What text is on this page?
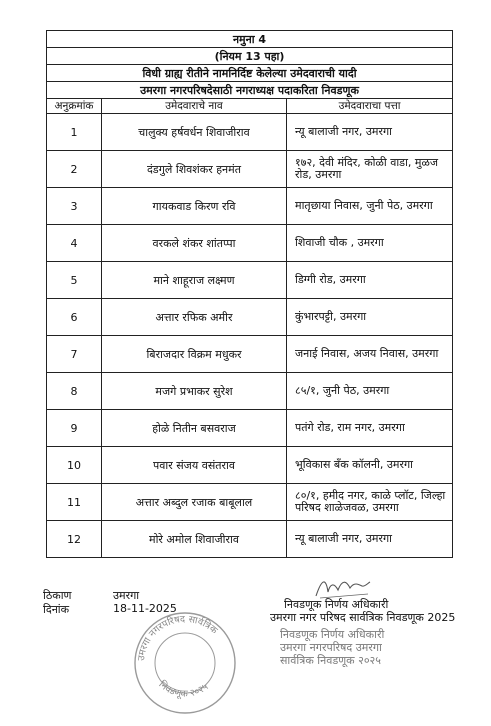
नमुना 4		
(नियम 13 पहा)		
विधी ग्राह्य रीतीने नामनिर्दिष्ट केलेल्या उमेदवाराची यादी		
उमरगा नगरपरिषदेसाठी नगराध्यक्ष पदाकरिता निवडणूक		
अनुक्रमांक	उमेदवाराचे नाव	उमेदवाराचा पत्ता
1	चालुक्य हर्षवर्धन शिवाजीराव	न्यू बालाजी नगर, उमरगा
2	दंडगुले शिवशंकर हनमंत	१७२, देवी मंदिर, कोळी वाडा, मुळज रोड, उमरगा
3	गायकवाड किरण रवि	मातृछाया निवास, जुनी पेठ, उमरगा
4	वरकले शंकर शांतप्पा	शिवाजी चौक , उमरगा
5	माने शाहूराज लक्ष्मण	डिग्गी रोड, उमरगा
6	अत्तार रफिक अमीर	कुंभारपट्टी, उमरगा
7	बिराजदार विक्रम मधुकर	जनाई निवास, अजय निवास, उमरगा
8	मजगे प्रभाकर सुरेश	८५/१, जुनी पेठ, उमरगा
9	होळे नितीन बसवराज	पतंगे रोड, राम नगर, उमरगा
10	पवार संजय वसंतराव	भूविकास बँक कॉलनी, उमरगा
11	अत्तार अब्दुल रजाक बाबूलाल	८०/१, हमीद नगर, काळे प्लॉट, जिल्हा परिषद शाळेजवळ, उमरगा
12	मोरे अमोल शिवाजीराव	न्यू बालाजी नगर, उमरगा
ठिकाण	उमरगा
दिनांक	18-11-2025
उमरगा नगरपरिषद सार्वत्रिक
निवडणूक २०२५
निवडणूक निर्णय अधिकारी
उमरगा नगर परिषद सार्वत्रिक निवडणूक 2025
निवडणूक निर्णय अधिकारी
उमरगा नगरपरिषद उमरगा
सार्वत्रिक निवडणूक २०२५
